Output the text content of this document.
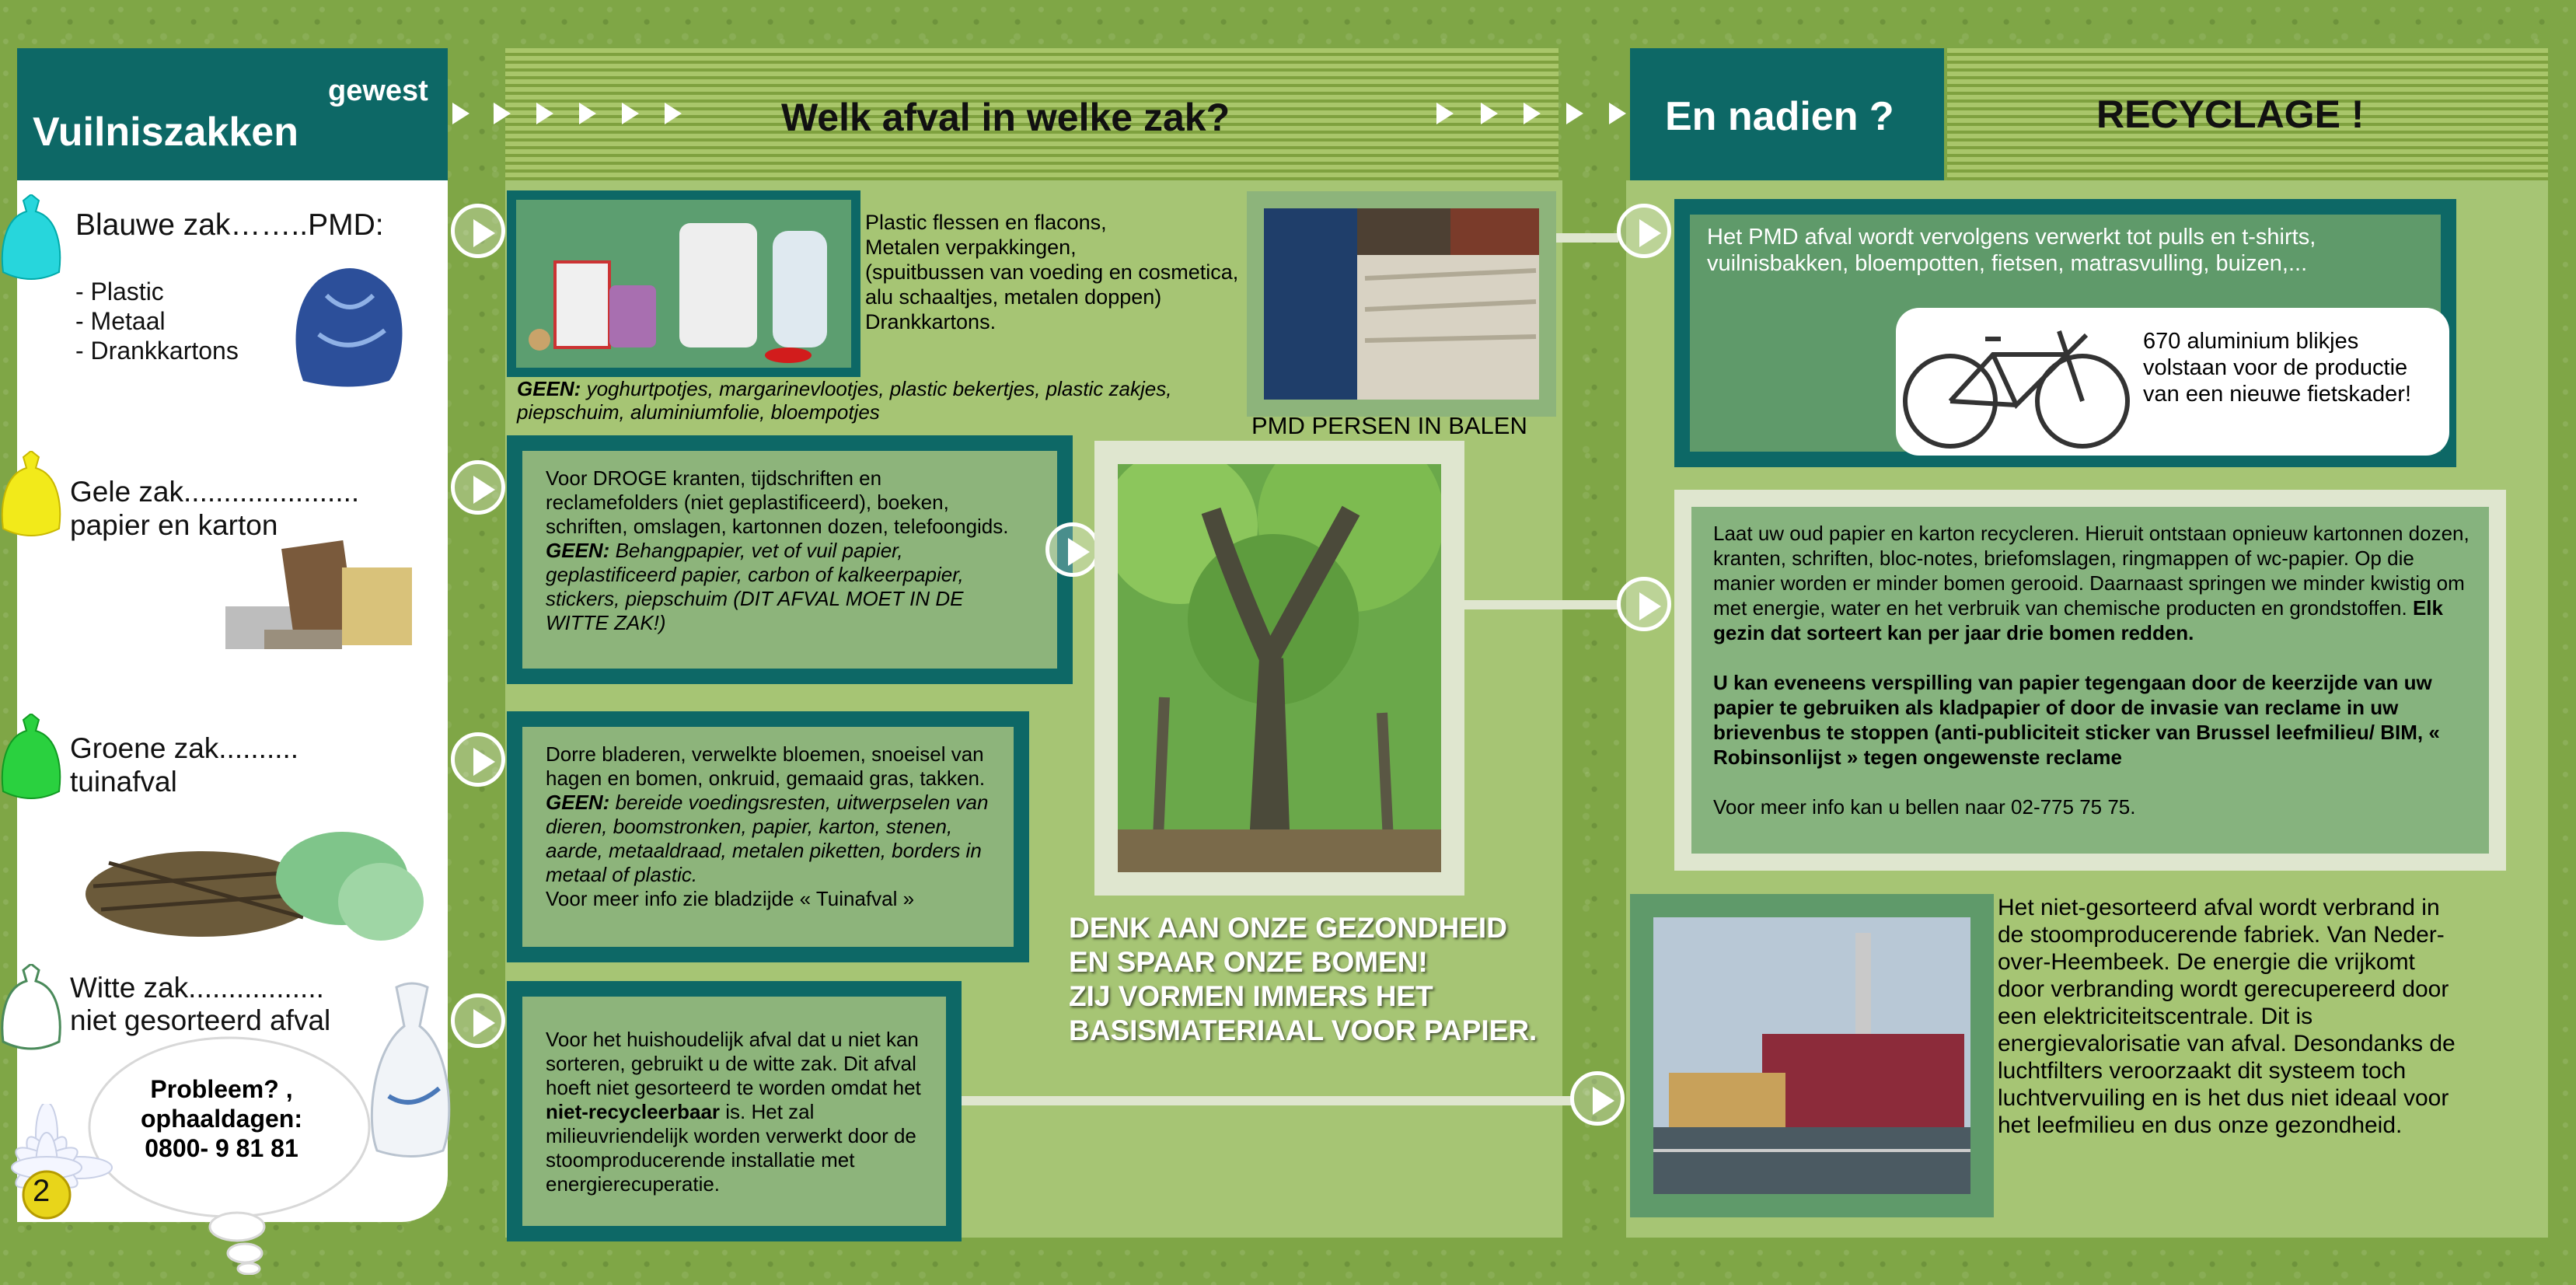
gewest
Vuilniszakken
Blauwe zak……..PMD:
- Plastic
- Metaal
- Drankkartons
Gele zak......................
papier en karton
Groene zak..........
tuinafval
Witte zak.................
niet gesorteerd afval
Probleem? ,
ophaaldagen:
0800- 9 81 81
2
Welk afval in welke zak?
Plastic flessen en flacons,
Metalen verpakkingen,
(spuitbussen van voeding en cosmetica,
alu schaaltjes, metalen doppen)
Drankkartons.
GEEN: yoghurtpotjes, margarinevlootjes, plastic bekertjes, plastic zakjes,
piepschuim, aluminiumfolie, bloempotjes	PMD PERSEN IN BALEN
Voor DROGE kranten, tijdschriften en reclamefolders (niet geplastificeerd), boeken, schriften, omslagen, kartonnen dozen, telefoongids.
GEEN: Behangpapier, vet of vuil papier, geplastificeerd papier, carbon of kalkeerpapier, stickers, piepschuim (DIT AFVAL MOET IN DE WITTE ZAK!)
Dorre bladeren, verwelkte bloemen, snoeisel van hagen en bomen, onkruid, gemaaid gras, takken.
GEEN: bereide voedingsresten, uitwerpselen van dieren, boomstronken, papier, karton, stenen, aarde, metaaldraad, metalen piketten, borders in metaal of plastic.
Voor meer info zie bladzijde « Tuinafval »
DENK AAN ONZE GEZONDHEID
EN SPAAR ONZE BOMEN!
ZIJ VORMEN IMMERS HET
BASISMATERIAAL VOOR PAPIER.
Voor het huishoudelijk afval dat u niet kan sorteren, gebruikt u de witte zak. Dit afval hoeft niet gesorteerd te worden omdat het niet-recycleerbaar is. Het zal milieuvriendelijk worden verwerkt door de stoomproducerende installatie met energierecuperatie.
En nadien ?	RECYCLAGE !
Het PMD afval wordt vervolgens verwerkt tot pulls en t-shirts, vuilnisbakken, bloempotten, fietsen, matrasvulling, buizen,...
670 aluminium blikjes volstaan voor de productie van een nieuwe fietskader!
Laat uw oud papier en karton recycleren. Hieruit ontstaan opnieuw kartonnen dozen, kranten, schriften, bloc-notes, briefomslagen, ringmappen of wc-papier. Op die manier worden er minder bomen gerooid. Daarnaast springen we minder kwistig om met energie, water en het verbruik van chemische producten en grondstoffen. Elk gezin dat sorteert kan per jaar drie bomen redden.

U kan eveneens verspilling van papier tegengaan door de keerzijde van uw papier te gebruiken als kladpapier of door de invasie van reclame in uw brievenbus te stoppen (anti-publiciteit sticker van Brussel leefmilieu/ BIM, « Robinsonlijst » tegen ongewenste reclame

Voor meer info kan u bellen naar 02-775 75 75.
Het niet-gesorteerd afval wordt verbrand in de stoomproducerende fabriek. Van Neder-over-Heembeek. De energie die vrijkomt door verbranding wordt gerecupereerd door een elektriciteitscentrale. Dit is energievalorisatie van afval. Desondanks de luchtfilters veroorzaakt dit systeem toch luchtvervuiling en is het dus niet ideaal voor het leefmilieu en dus onze gezondheid.
